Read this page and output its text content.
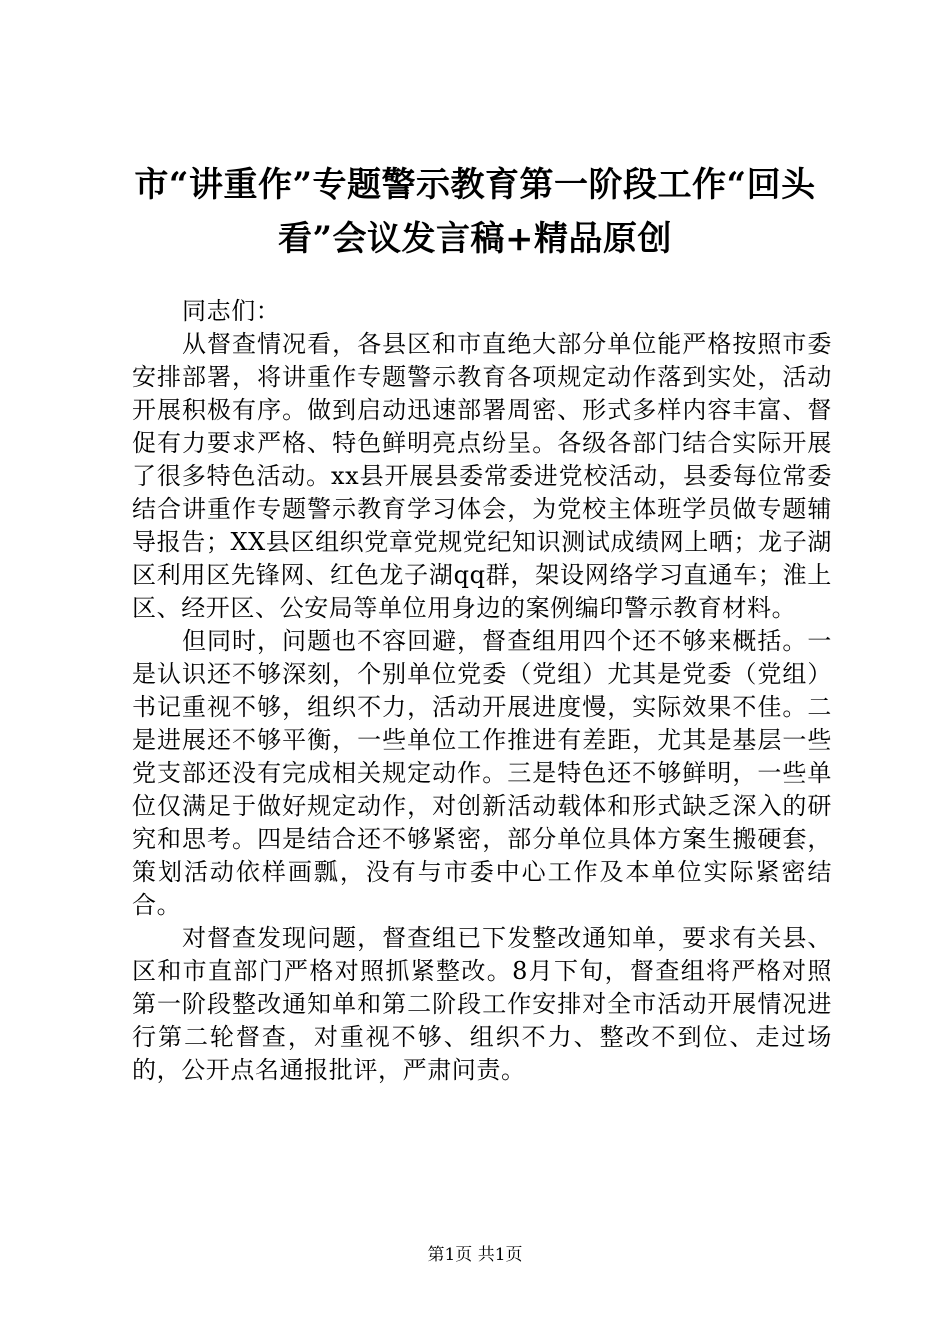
市“讲重作”专题警示教育第一阶段工作“回头看”会议发言稿+精品原创

同志们：

从督查情况看，各县区和市直绝大部分单位能严格按照市委安排部署，将讲重作专题警示教育各项规定动作落到实处，活动开展积极有序。做到启动迅速部署周密、形式多样内容丰富、督促有力要求严格、特色鲜明亮点纷呈。各级各部门结合实际开展了很多特色活动。xx县开展县委常委进党校活动，县委每位常委结合讲重作专题警示教育学习体会，为党校主体班学员做专题辅导报告；XX县区组织党章党规党纪知识测试成绩网上晒；龙子湖区利用区先锋网、红色龙子湖qq群，架设网络学习直通车；淮上区、经开区、公安局等单位用身边的案例编印警示教育材料。

但同时，问题也不容回避，督查组用四个还不够来概括。一是认识还不够深刻，个别单位党委（党组）尤其是党委（党组）书记重视不够，组织不力，活动开展进度慢，实际效果不佳。二是进展还不够平衡，一些单位工作推进有差距，尤其是基层一些党支部还没有完成相关规定动作。三是特色还不够鲜明，一些单位仅满足于做好规定动作，对创新活动载体和形式缺乏深入的研究和思考。四是结合还不够紧密，部分单位具体方案生搬硬套，策划活动依样画瓢，没有与市委中心工作及本单位实际紧密结合。

对督查发现问题，督查组已下发整改通知单，要求有关县、区和市直部门严格对照抓紧整改。8月下旬，督查组将严格对照第一阶段整改通知单和第二阶段工作安排对全市活动开展情况进行第二轮督查，对重视不够、组织不力、整改不到位、走过场的，公开点名通报批评，严肃问责。

第1页 共1页
